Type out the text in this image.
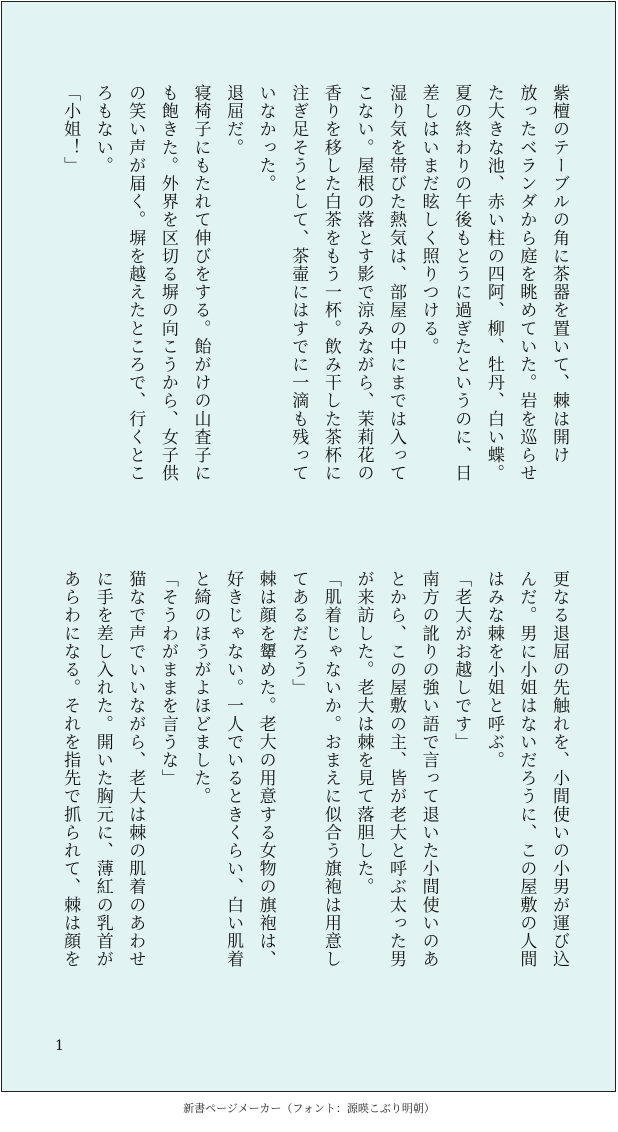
紫檀のテーブルの角に茶器を置いて、棘は開け
放ったベランダから庭を眺めていた。岩を巡らせ
た大きな池、赤い柱の四阿、柳、牡丹、白い蝶。
夏の終わりの午後もとうに過ぎたというのに、日
差しはいまだ眩しく照りつける。
湿り気を帯びた熱気は、部屋の中にまでは入って
こない。屋根の落とす影で涼みながら、茉莉花の
香りを移した白茶をもう一杯。飲み干した茶杯に
注ぎ足そうとして、茶壷にはすでに一滴も残って
いなかった。
退屈だ。
寝椅子にもたれて伸びをする。飴がけの山査子に
も飽きた。外界を区切る塀の向こうから、女子供
の笑い声が届く。塀を越えたところで、行くとこ
ろもない。
「小姐！」
更なる退屈の先触れを、小間使いの小男が運び込
んだ。男に小姐はないだろうに、この屋敷の人間
はみな棘を小姐と呼ぶ。
「老大がお越しです」
南方の訛りの強い語で言って退いた小間使いのあ
とから、この屋敷の主、皆が老大と呼ぶ太った男
が来訪した。老大は棘を見て落胆した。
「肌着じゃないか。おまえに似合う旗袍は用意し
てあるだろう」
棘は顔を顰めた。老大の用意する女物の旗袍は、
好きじゃない。一人でいるときくらい、白い肌着
と綺のほうがよほどました。
「そうわがままを言うな」
猫なで声でいいながら、老大は棘の肌着のあわせ
に手を差し入れた。開いた胸元に、薄紅の乳首が
あらわになる。それを指先で抓られて、棘は顔を
1
新書ページメーカー（フォント：源暎こぶり明朝）
